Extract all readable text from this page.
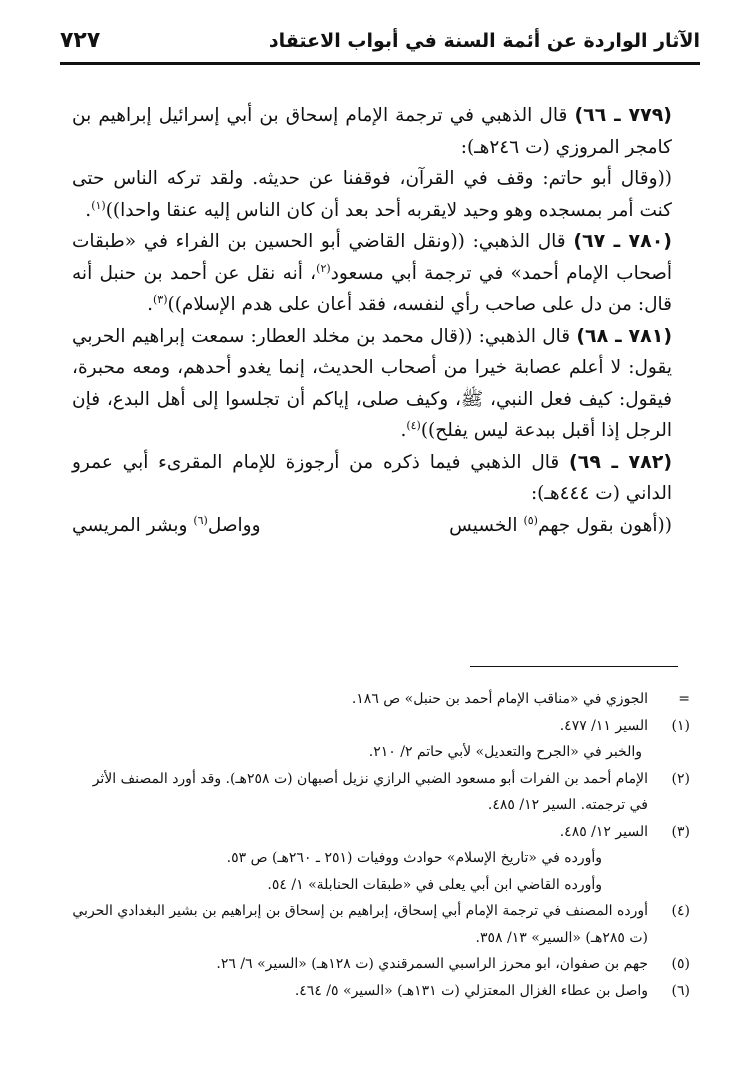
الآثار الواردة عن أئمة السنة في أبواب الاعتقاد
٧٢٧

(٧٧٩ ـ ٦٦) قال الذهبي في ترجمة الإمام إسحاق بن أبي إسرائيل إبراهيم بن كامجر المروزي (ت ٢٤٦هـ):

((وقال أبو حاتم: وقف في القرآن، فوقفنا عن حديثه. ولقد تركه الناس حتى كنت أمر بمسجده وهو وحيد لايقربه أحد بعد أن كان الناس إليه عنقا واحدا))$^{(١)}$.

(٧٨٠ ـ ٦٧) قال الذهبي: ((ونقل القاضي أبو الحسين بن الفراء في «طبقات أصحاب الإمام أحمد» في ترجمة أبي مسعود$^{(٢)}$، أنه نقل عن أحمد بن حنبل أنه قال: من دل على صاحب رأي لنفسه، فقد أعان على هدم الإسلام))$^{(٣)}$.

(٧٨١ ـ ٦٨) قال الذهبي: ((قال محمد بن مخلد العطار: سمعت إبراهيم الحربي يقول: لا أعلم عصابة خيرا من أصحاب الحديث، إنما يغدو أحدهم، ومعه محبرة، فيقول: كيف فعل النبي، ﷺ، وكيف صلى، إياكم أن تجلسوا إلى أهل البدع، فإن الرجل إذا أقبل ببدعة ليس يفلح))$^{(٤)}$.

(٧٨٢ ـ ٦٩) قال الذهبي فيما ذكره من أرجوزة للإمام المقرىء أبي عمرو الداني (ت ٤٤٤هـ):

((أهون بقول جهم$^{(٥)}$ الخسيس
وواصل$^{(٦)}$ وبشر المريسي
=
الجوزي في «مناقب الإمام أحمد بن حنبل» ص ١٨٦.
(١)
السير ١١/ ٤٧٧.
والخبر في «الجرح والتعديل» لأبي حاتم ٢/ ٢١٠.
(٢)
الإمام أحمد بن الفرات أبو مسعود الضبي الرازي نزيل أصبهان (ت ٢٥٨هـ). وقد أورد المصنف الأثر في ترجمته. السير ١٢/ ٤٨٥.
(٣)
السير ١٢/ ٤٨٥.
وأورده في «تاريخ الإسلام» حوادث ووفيات (٢٥١ ـ ٢٦٠هـ) ص ٥٣.
وأورده القاضي ابن أبي يعلى في «طبقات الحنابلة» ١/ ٥٤.
(٤)
أورده المصنف في ترجمة الإمام أبي إسحاق، إبراهيم بن إسحاق بن إبراهيم بن بشير البغدادي الحربي (ت ٢٨٥هـ) «السير» ١٣/ ٣٥٨.
(٥)
جهم بن صفوان، ابو محرز الراسبي السمرقندي (ت ١٢٨هـ) «السير» ٦/ ٢٦.
(٦)
واصل بن عطاء الغزال المعتزلي (ت ١٣١هـ) «السير» ٥/ ٤٦٤.
